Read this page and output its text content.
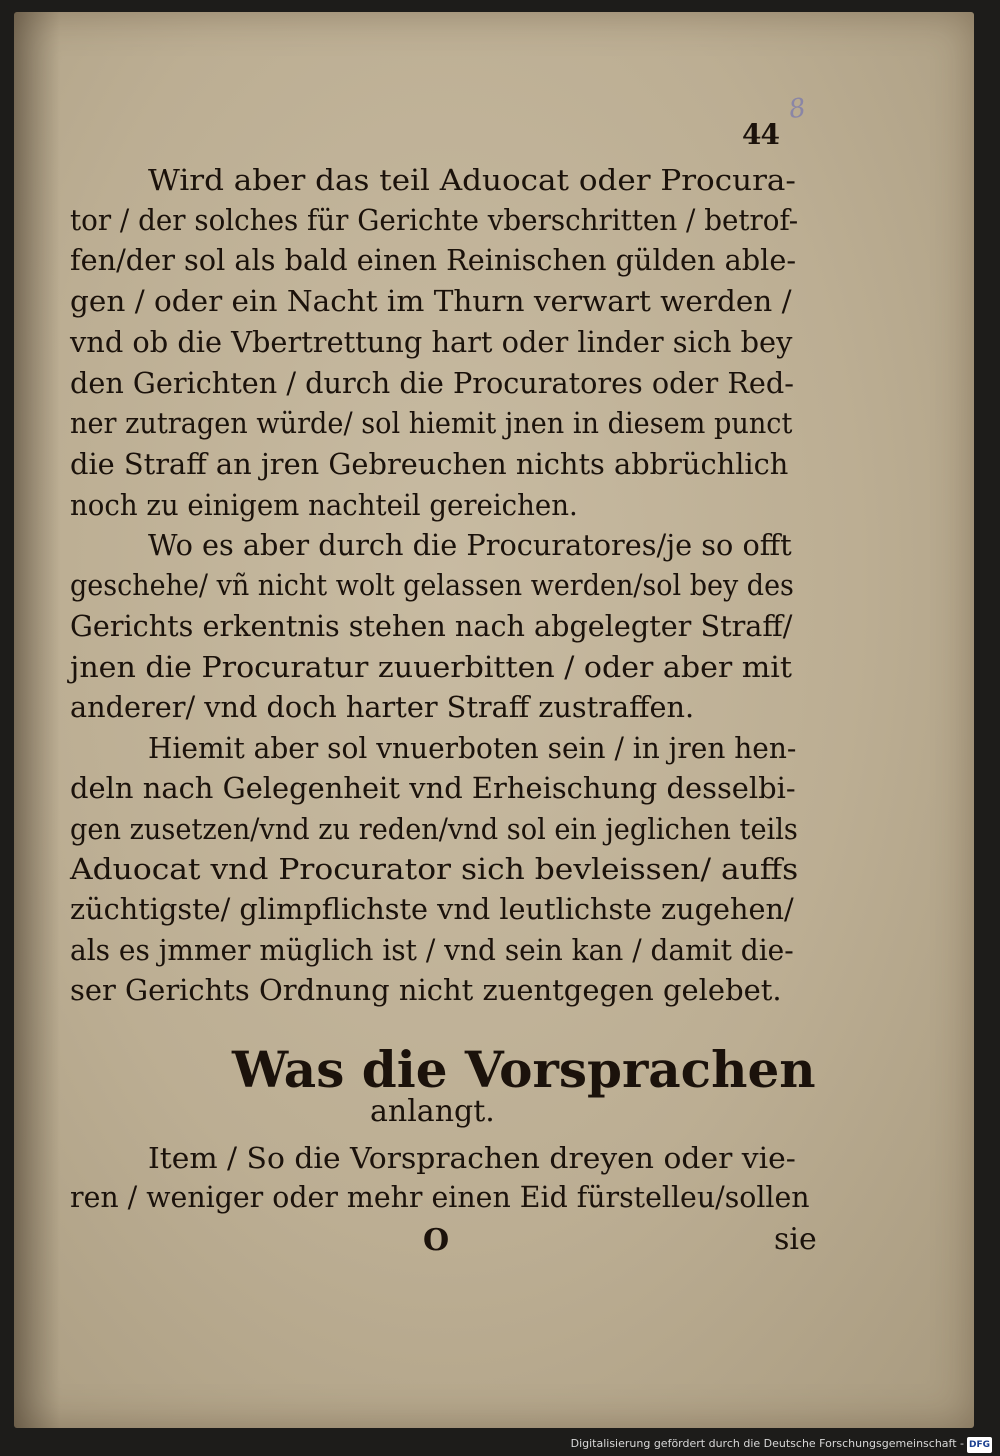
8
44
Wird aber das teil Aduocat oder Procura-
tor / der solches für Gerichte vberschritten / betrof-
fen/der sol als bald einen Reinischen gülden able-
gen / oder ein Nacht im Thurn verwart werden /
vnd ob die Vbertrettung hart oder linder sich bey
den Gerichten / durch die Procuratores oder Red-
ner zutragen würde/ sol hiemit jnen in diesem punct
die Straff an jren Gebreuchen nichts abbrüchlich
noch zu einigem nachteil gereichen.
Wo es aber durch die Procuratores/je so offt
geschehe/ vñ nicht wolt gelassen werden/sol bey des
Gerichts erkentnis stehen nach abgelegter Straff/
jnen die Procuratur zuuerbitten / oder aber mit
anderer/ vnd doch harter Straff zustraffen.
Hiemit aber sol vnuerboten sein / in jren hen-
deln nach Gelegenheit vnd Erheischung desselbi-
gen zusetzen/vnd zu reden/vnd sol ein jeglichen teils
Aduocat vnd Procurator sich bevleissen/ auffs
züchtigste/ glimpflichste vnd leutlichste zugehen/
als es jmmer müglich ist / vnd sein kan / damit die-
ser Gerichts Ordnung nicht zuentgegen gelebet.
Was die Vorsprachen
anlangt.
Item / So die Vorsprachen dreyen oder vie-
ren / weniger oder mehr einen Eid fürstelleu/sollen
O	sie
Digitalisierung gefördert durch die Deutsche Forschungsgemeinschaft - DFG
